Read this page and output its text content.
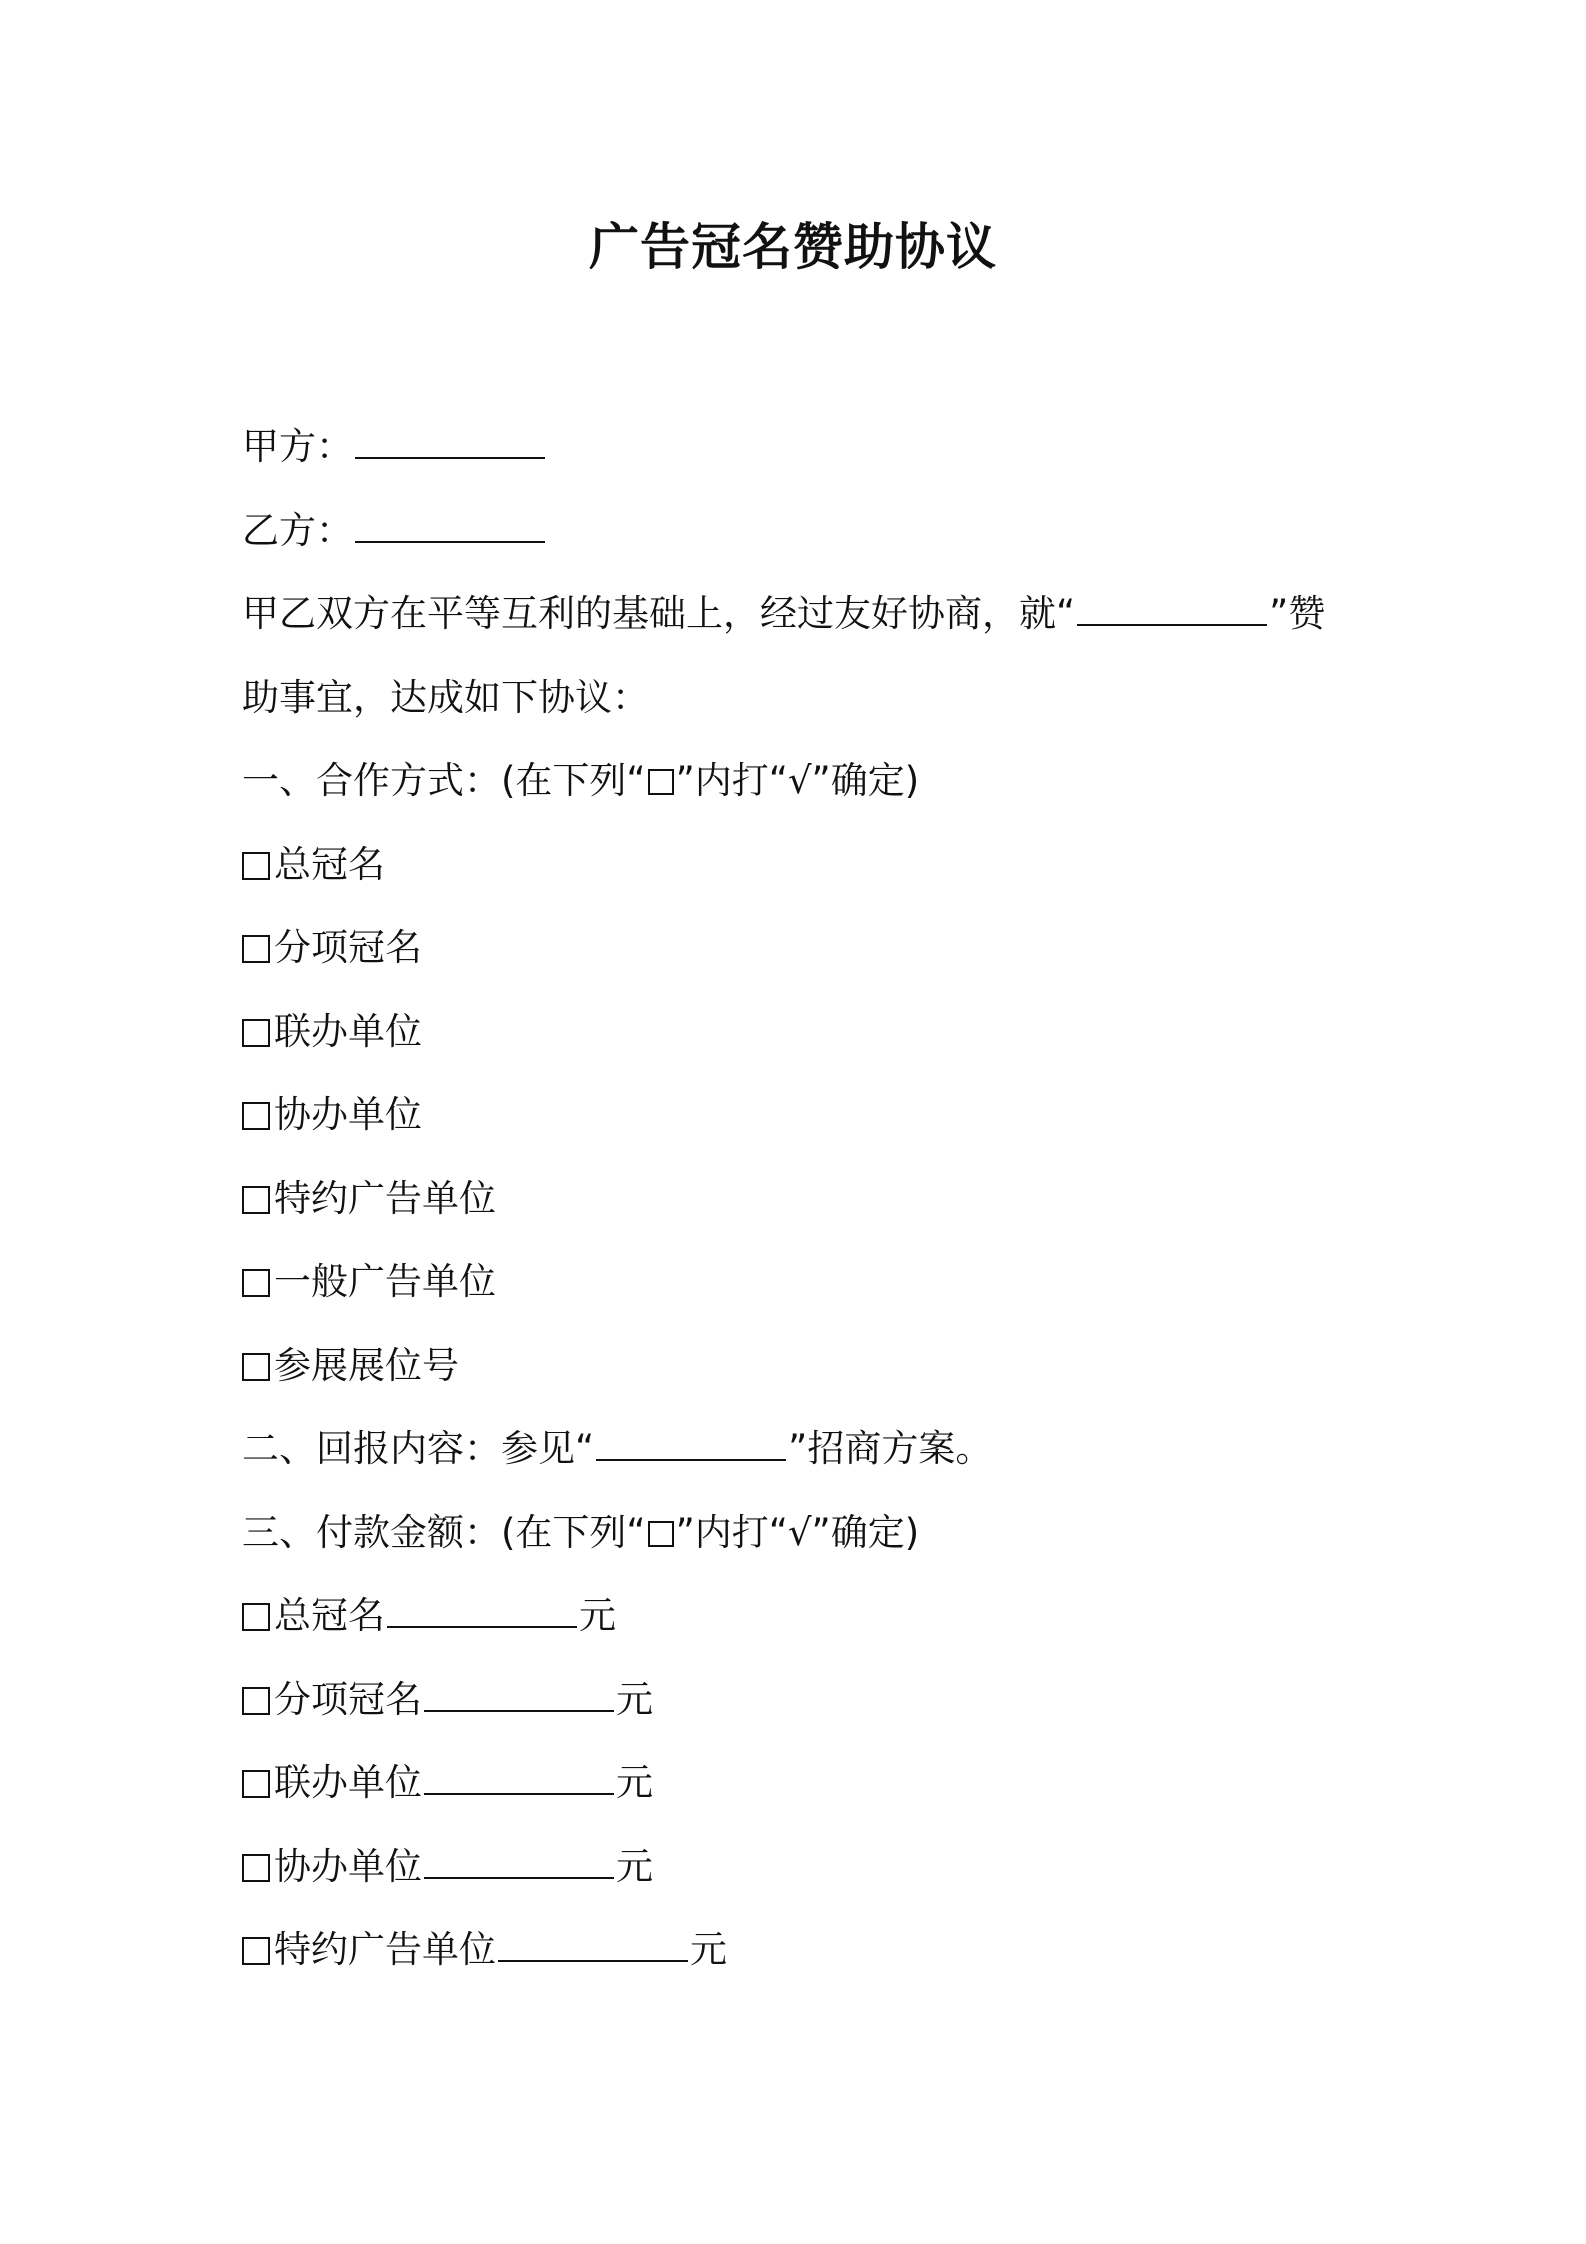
广告冠名赞助协议

甲方：

乙方：

甲乙双方在平等互利的基础上，经过友好协商，就“	”赞

助事宜，达成如下协议：

一、合作方式：(在下列“ ”内打“√”确定)

总冠名

分项冠名

联办单位

协办单位

特约广告单位

一般广告单位

参展展位号

二、回报内容：参见“	”招商方案。

三、付款金额：(在下列“ ”内打“√”确定)

总冠名	元

分项冠名	元

联办单位	元

协办单位	元

特约广告单位	元
